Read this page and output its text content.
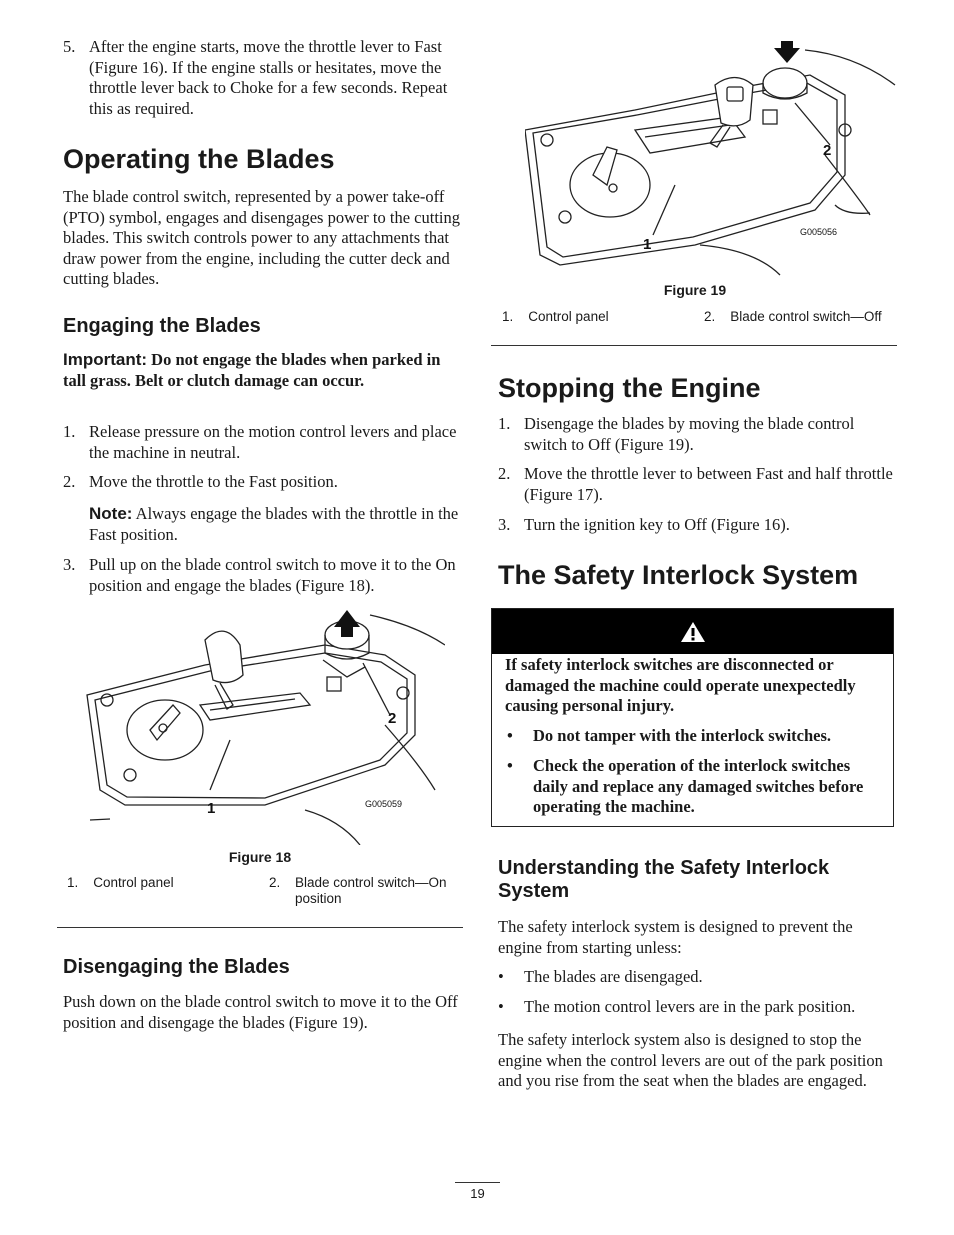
5. After the engine starts, move the throttle lever to Fast (Figure 16). If the engine stalls or hesitates, move the throttle lever back to Choke for a few seconds. Repeat this as required.
Operating the Blades
The blade control switch, represented by a power take-off (PTO) symbol, engages and disengages power to the cutting blades. This switch controls power to any attachments that draw power from the engine, including the cutter deck and cutting blades.
Engaging the Blades
Important: Do not engage the blades when parked in tall grass. Belt or clutch damage can occur.
1. Release pressure on the motion control levers and place the machine in neutral.
2. Move the throttle to the Fast position.
Note: Always engage the blades with the throttle in the Fast position.
3. Pull up on the blade control switch to move it to the On position and engage the blades (Figure 18).
1
2
G005059
Figure 18
1. Control panel	2.	Blade control switch—On position
Disengaging the Blades
Push down on the blade control switch to move it to the Off position and disengage the blades (Figure 19).
1
2
G005056
Figure 19
1. Control panel	2. Blade control switch—Off
Stopping the Engine
1. Disengage the blades by moving the blade control switch to Off (Figure 19).
2. Move the throttle lever to between Fast and half throttle (Figure 17).
3. Turn the ignition key to Off (Figure 16).
The Safety Interlock System
If safety interlock switches are disconnected or damaged the machine could operate unexpectedly causing personal injury.
•	Do not tamper with the interlock switches.
•	Check the operation of the interlock switches daily and replace any damaged switches before operating the machine.
Understanding the Safety Interlock System
The safety interlock system is designed to prevent the engine from starting unless:
•	The blades are disengaged.
•	The motion control levers are in the park position.
The safety interlock system also is designed to stop the engine when the control levers are out of the park position and you rise from the seat when the blades are engaged.
19
